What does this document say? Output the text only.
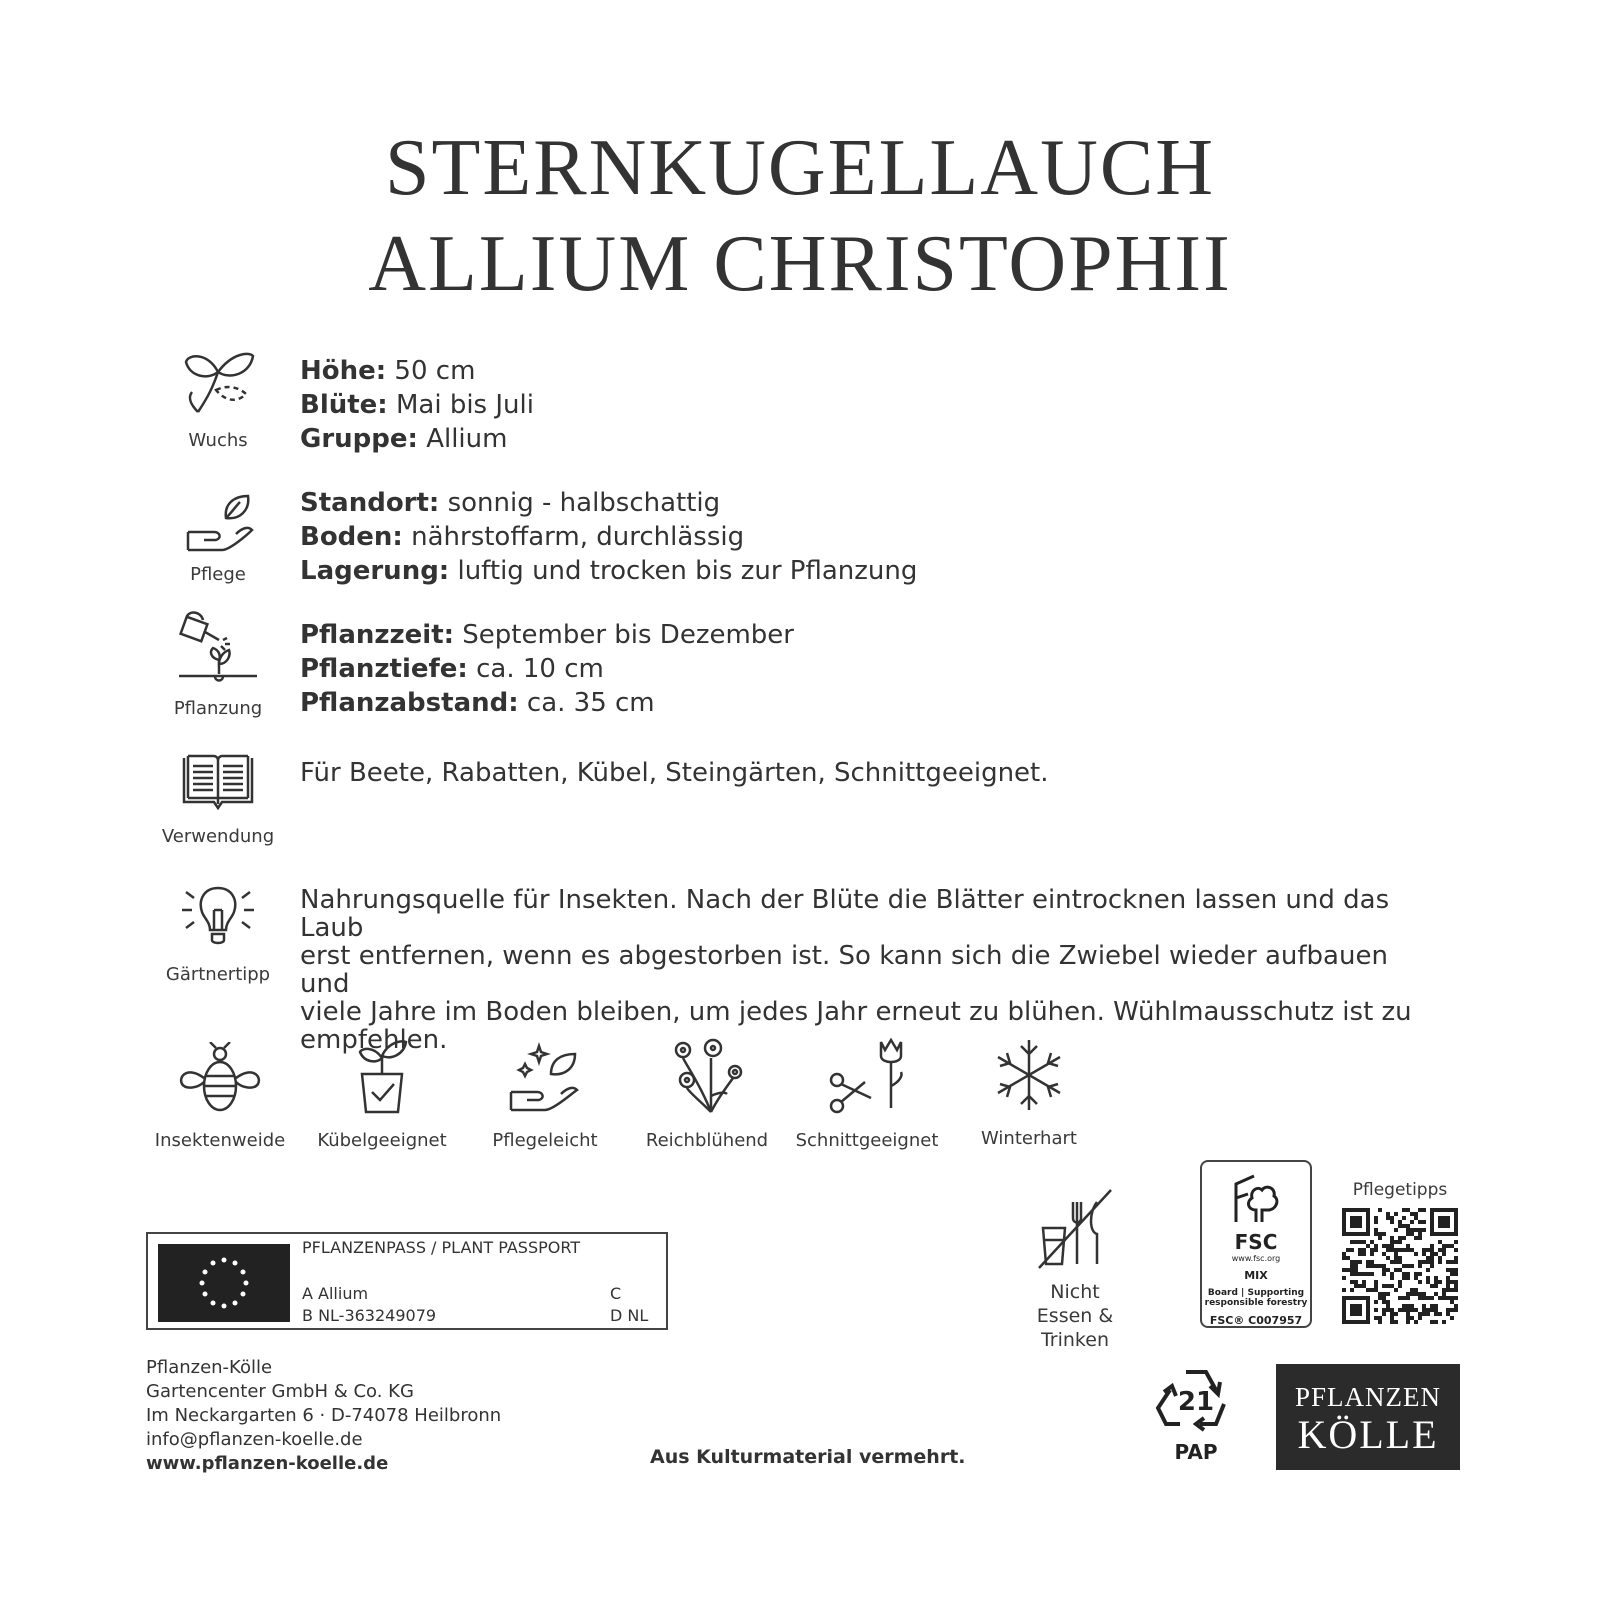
STERNKUGELLAUCH
ALLIUM CHRISTOPHII
Wuchs
Höhe: 50 cm
Blüte: Mai bis Juli
Gruppe: Allium
Pflege
Standort: sonnig - halbschattig
Boden: nährstoffarm, durchlässig
Lagerung: luftig und trocken bis zur Pflanzung
Pflanzung
Pflanzzeit: September bis Dezember
Pflanztiefe: ca. 10 cm
Pflanzabstand: ca. 35 cm
Verwendung
Für Beete, Rabatten, Kübel, Steingärten, Schnittgeeignet.
Gärtnertipp
Nahrungsquelle für Insekten. Nach der Blüte die Blätter eintrocknen lassen und das Laub
erst entfernen, wenn es abgestorben ist. So kann sich die Zwiebel wieder aufbauen und
viele Jahre im Boden bleiben, um jedes Jahr erneut zu blühen. Wühlmausschutz ist zu
empfehlen.
Insektenweide	Kübelgeeignet	Pflegeleicht	Reichblühend	Schnittgeeignet	Winterhart
PFLANZENPASS / PLANT PASSPORT
A Allium
B NL-363249079
C
D NL
Nicht
Essen & Trinken
FSC
www.fsc.org
MIX
Board | Supporting
responsible forestry
FSC® C007957
Pflegetipps
Pflanzen-Kölle
Gartencenter GmbH & Co. KG
Im Neckargarten 6 · D-74078 Heilbronn
info@pflanzen-koelle.de
www.pflanzen-koelle.de	Aus Kulturmaterial vermehrt.
21
PAP
PFLANZEN
KÖLLE
